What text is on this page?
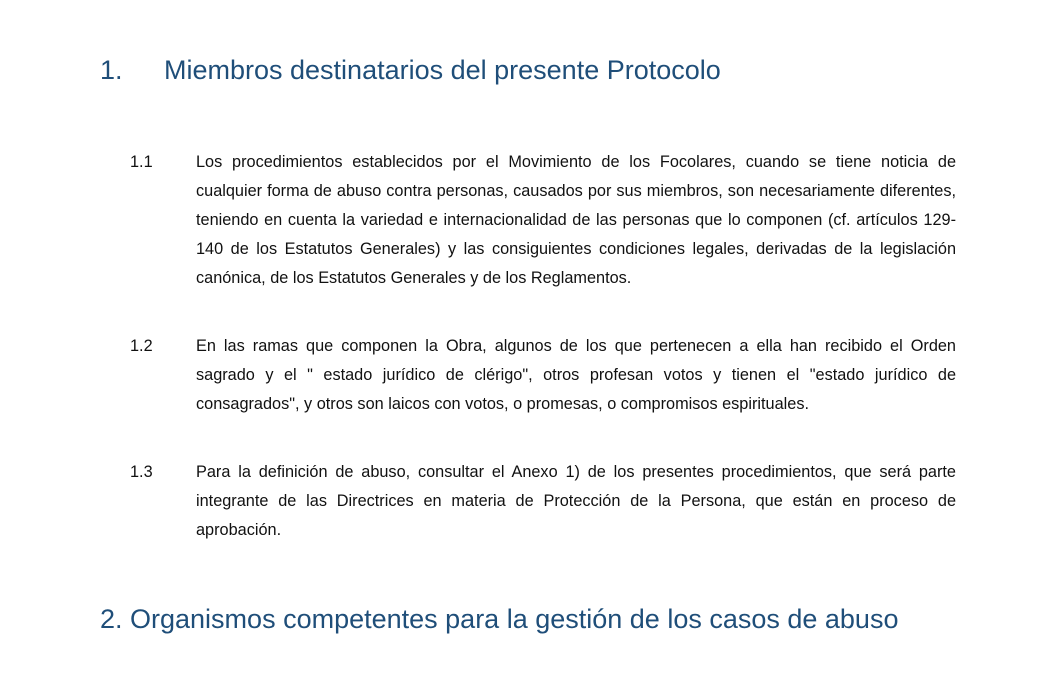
1. Miembros destinatarios del presente Protocolo
1.1	Los procedimientos establecidos por el Movimiento de los Focolares, cuando se tiene noticia de cualquier forma de abuso contra personas, causados por sus miembros, son necesariamente diferentes, teniendo en cuenta la variedad e internacionalidad de las personas que lo componen (cf. artículos 129-140 de los Estatutos Generales) y las consiguientes condiciones legales, derivadas de la legislación canónica, de los Estatutos Generales y de los Reglamentos.
1.2	En las ramas que componen la Obra, algunos de los que pertenecen a ella han recibido el Orden sagrado y el " estado jurídico de clérigo", otros profesan votos y tienen el "estado jurídico de consagrados", y otros son laicos con votos, o promesas, o compromisos espirituales.
1.3	Para la definición de abuso, consultar el Anexo 1) de los presentes procedimientos, que será parte integrante de las Directrices en materia de Protección de la Persona, que están en proceso de aprobación.
2. Organismos competentes para la gestión de los casos de abuso
